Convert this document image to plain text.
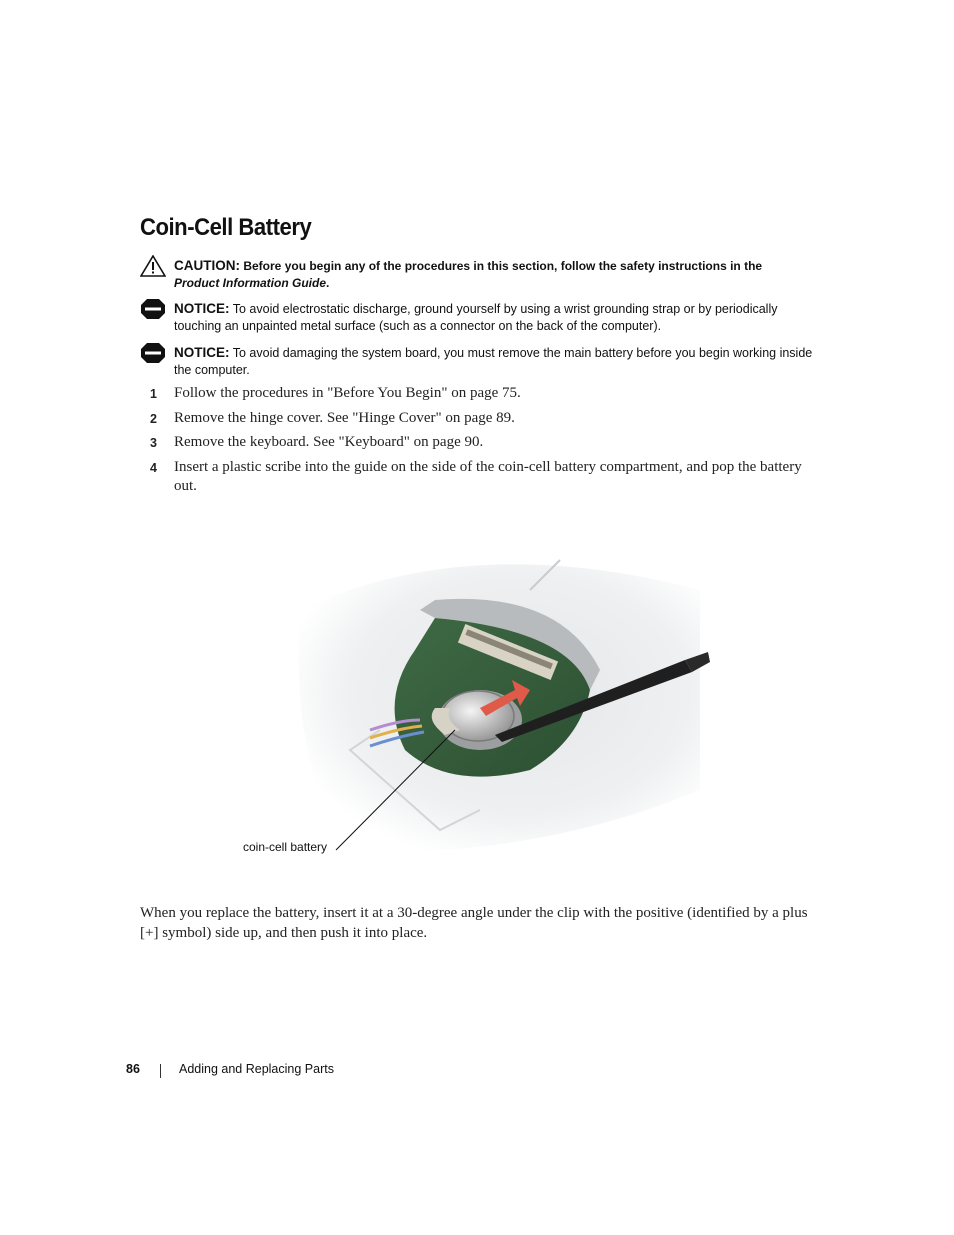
Coin-Cell Battery
CAUTION: Before you begin any of the procedures in this section, follow the safety instructions in the
Product Information Guide.
NOTICE: To avoid electrostatic discharge, ground yourself by using a wrist grounding strap or by periodically touching an unpainted metal surface (such as a connector on the back of the computer).
NOTICE: To avoid damaging the system board, you must remove the main battery before you begin working inside the computer.
1 Follow the procedures in "Before You Begin" on page 75.
2 Remove the hinge cover. See "Hinge Cover" on page 89.
3 Remove the keyboard. See "Keyboard" on page 90.
4 Insert a plastic scribe into the guide on the side of the coin-cell battery compartment, and pop the battery out.
coin-cell battery

When you replace the battery, insert it at a 30-degree angle under the clip with the positive (identified by a plus [+] symbol) side up, and then push it into place.

86	Adding and Replacing Parts
